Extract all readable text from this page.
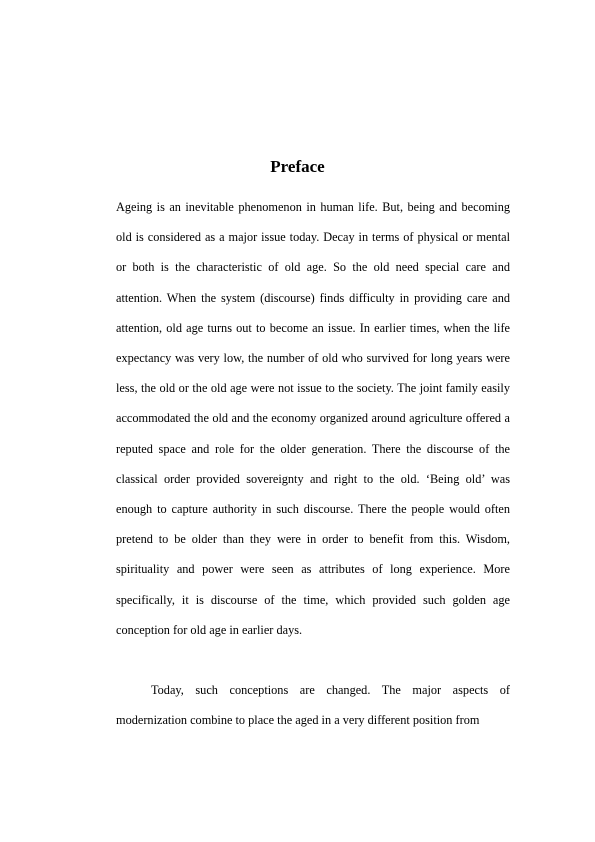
Preface

Ageing is an inevitable phenomenon in human life. But, being and becoming old is considered as a major issue today. Decay in terms of physical or mental or both is the characteristic of old age. So the old need special care and attention. When the system (discourse) finds difficulty in providing care and attention, old age turns out to become an issue. In earlier times, when the life expectancy was very low, the number of old who survived for long years were less, the old or the old age were not issue to the society. The joint family easily accommodated the old and the economy organized around agriculture offered a reputed space and role for the older generation. There the discourse of the classical order provided sovereignty and right to the old. ‘Being old’ was enough to capture authority in such discourse. There the people would often pretend to be older than they were in order to benefit from this. Wisdom, spirituality and power were seen as attributes of long experience. More specifically, it is discourse of the time, which provided such golden age conception for old age in earlier days.

Today, such conceptions are changed. The major aspects of modernization combine to place the aged in a very different position from
